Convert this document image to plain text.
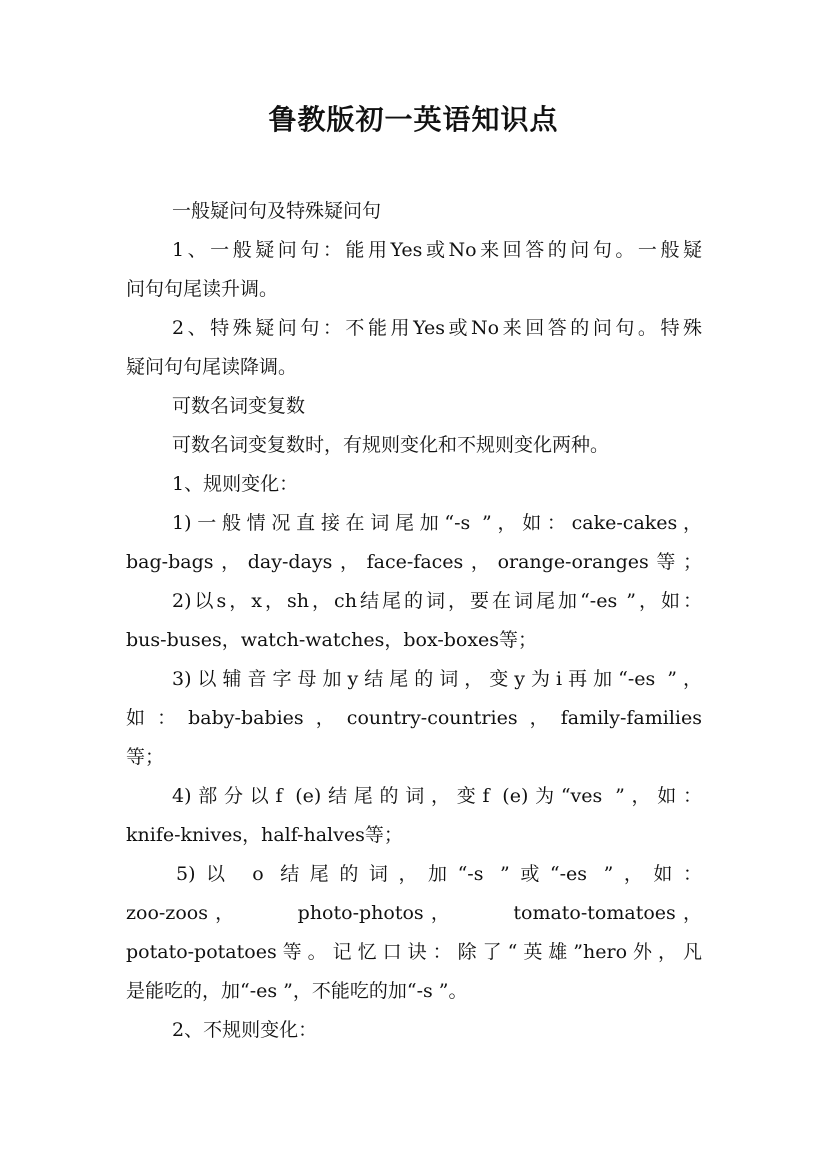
鲁教版初一英语知识点
一般疑问句及特殊疑问句
1、一般疑问句：能用Yes或No来回答的问句。一般疑
问句句尾读升调。
2、特殊疑问句：不能用Yes或No来回答的问句。特殊
疑问句句尾读降调。
可数名词变复数
可数名词变复数时，有规则变化和不规则变化两种。
1、规则变化：
1)一般情况直接在词尾加“-s ”，如：cake-cakes，
bag-bags，day-days，face-faces，orange-oranges等；
2)以s，x，sh，ch结尾的词，要在词尾加“-es ”，如：
bus-buses，watch-watches，box-boxes等；
3)以辅音字母加y结尾的词，变y为i再加“-es ”，
如：baby-babies，country-countries，family-families
等；
4)部分以f (e)结尾的词，变f (e)为“ves ”，如：
knife-knives，half-halves等；
5)以 o 结尾的词，加“-s ”或“-es ”，如：
zoo-zoos，　　 photo-photos，　　 tomato-tomatoes，
potato-potatoes等。记忆口诀：除了“英雄”hero外，凡
是能吃的，加“-es ”，不能吃的加“-s ”。
2、不规则变化：
